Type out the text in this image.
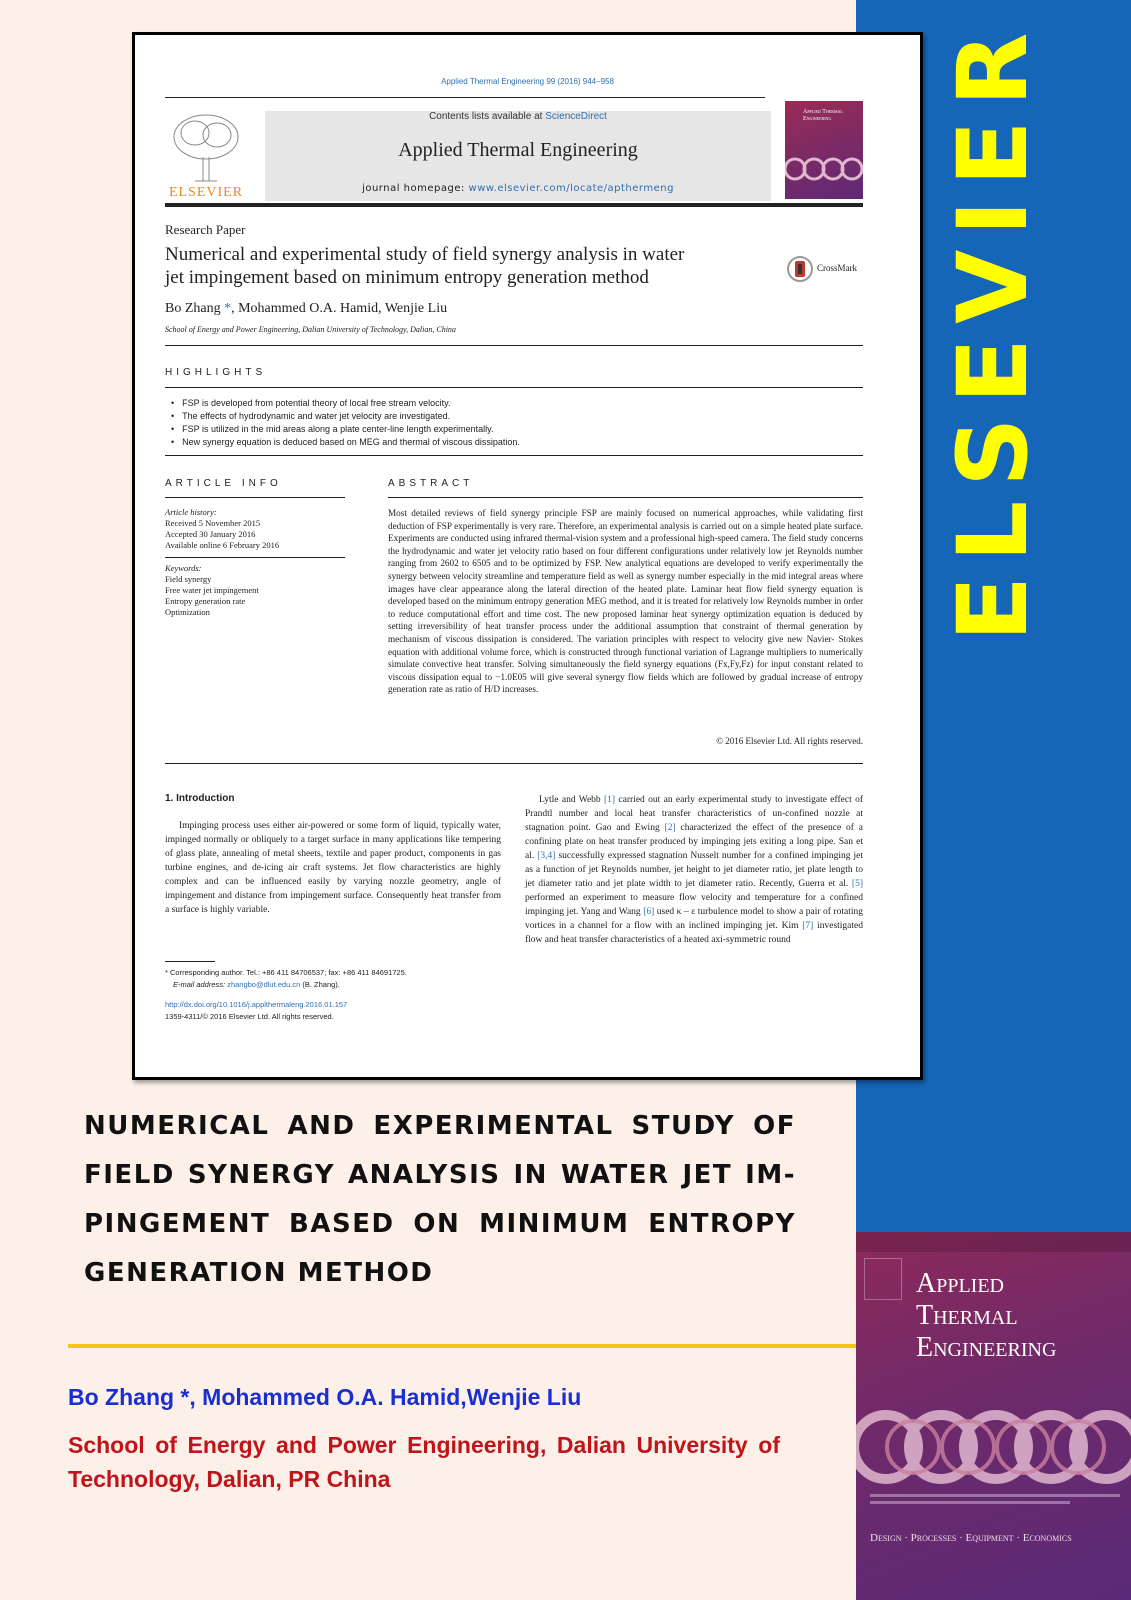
ELSEVIER
Applied
Thermal
Engineering
Design · Processes · Equipment · Economics
Applied Thermal Engineering 99 (2016) 944–958
ELSEVIER
Contents lists available at ScienceDirect
Applied Thermal Engineering
journal homepage: www.elsevier.com/locate/apthermeng
Applied Thermal Engineering
Research Paper
Numerical and experimental study of field synergy analysis in water
jet impingement based on minimum entropy generation method	CrossMark
Bo Zhang *, Mohammed O.A. Hamid, Wenjie Liu
School of Energy and Power Engineering, Dalian University of Technology, Dalian, China
HIGHLIGHTS
• FSP is developed from potential theory of local free stream velocity.
• The effects of hydrodynamic and water jet velocity are investigated.
• FSP is utilized in the mid areas along a plate center-line length experimentally.
• New synergy equation is deduced based on MEG and thermal of viscous dissipation.
ARTICLE INFO
Article history:
Received 5 November 2015
Accepted 30 January 2016
Available online 6 February 2016
Keywords:
Field synergy
Free water jet impingement
Entropy generation rate
Optimization
ABSTRACT
Most detailed reviews of field synergy principle FSP are mainly focused on numerical approaches, while validating first deduction of FSP experimentally is very rare. Therefore, an experimental analysis is carried out on a simple heated plate surface. Experiments are conducted using infrared thermal-vision system and a professional high-speed camera. The field study concerns the hydrodynamic and water jet velocity ratio based on four different configurations under relatively low jet Reynolds number ranging from 2602 to 6505 and to be optimized by FSP. New analytical equations are developed to verify experimentally the synergy between velocity streamline and temperature field as well as synergy number especially in the mid integral areas where images have clear appearance along the lateral direction of the heated plate. Laminar heat flow field synergy equation is developed based on the minimum entropy generation MEG method, and it is treated for relatively low Reynolds number in order to reduce computational effort and time cost. The new proposed laminar heat synergy optimization equation is deduced by setting irreversibility of heat transfer process under the additional assumption that constraint of thermal generation by mechanism of viscous dissipation is considered. The variation principles with respect to velocity give new Navier- Stokes equation with additional volume force, which is constructed through functional variation of Lagrange multipliers to numerically simulate convective heat transfer. Solving simultaneously the field synergy equations (Fx,Fy,Fz) for input constant related to viscous dissipation equal to −1.0E05 will give several synergy flow fields which are followed by gradual increase of entropy generation rate as ratio of H/D increases.
© 2016 Elsevier Ltd. All rights reserved.
1. Introduction
Impinging process uses either air-powered or some form of liquid, typically water, impinged normally or obliquely to a target surface in many applications like tempering of glass plate, annealing of metal sheets, textile and paper product, components in gas turbine engines, and de-icing air craft systems. Jet flow characteristics are highly complex and can be influenced easily by varying nozzle geometry, angle of impingement and distance from impingement surface. Consequently heat transfer from a surface is highly variable.
Lytle and Webb [1] carried out an early experimental study to investigate effect of Prandtl number and local heat transfer characteristics of un-confined nozzle at stagnation point. Gao and Ewing [2] characterized the effect of the presence of a confining plate on heat transfer produced by impinging jets exiting a long pipe. San et al. [3,4] successfully expressed stagnation Nusselt number for a confined impinging jet as a function of jet Reynolds number, jet height to jet diameter ratio, jet plate length to jet diameter ratio and jet plate width to jet diameter ratio. Recently, Guerra et al. [5] performed an experiment to measure flow velocity and temperature for a confined impinging jet. Yang and Wang [6] used κ – ε turbulence model to show a pair of rotating vortices in a channel for a flow with an inclined impinging jet. Kim [7] investigated flow and heat transfer characteristics of a heated axi-symmetric round
* Corresponding author. Tel.: +86 411 84706537; fax: +86 411 84691725.
E-mail address: zhangbo@dlut.edu.cn (B. Zhang).
http://dx.doi.org/10.1016/j.applthermaleng.2016.01.157
1359-4311/© 2016 Elsevier Ltd. All rights reserved.
NUMERICAL AND EXPERIMENTAL STUDY OF
FIELD SYNERGY ANALYSIS IN WATER JET IM-
PINGEMENT BASED ON MINIMUM ENTROPY
GENERATION METHOD
Bo Zhang *, Mohammed O.A. Hamid,Wenjie Liu
School of Energy and Power Engineering, Dalian University of Technology, Dalian, PR China
